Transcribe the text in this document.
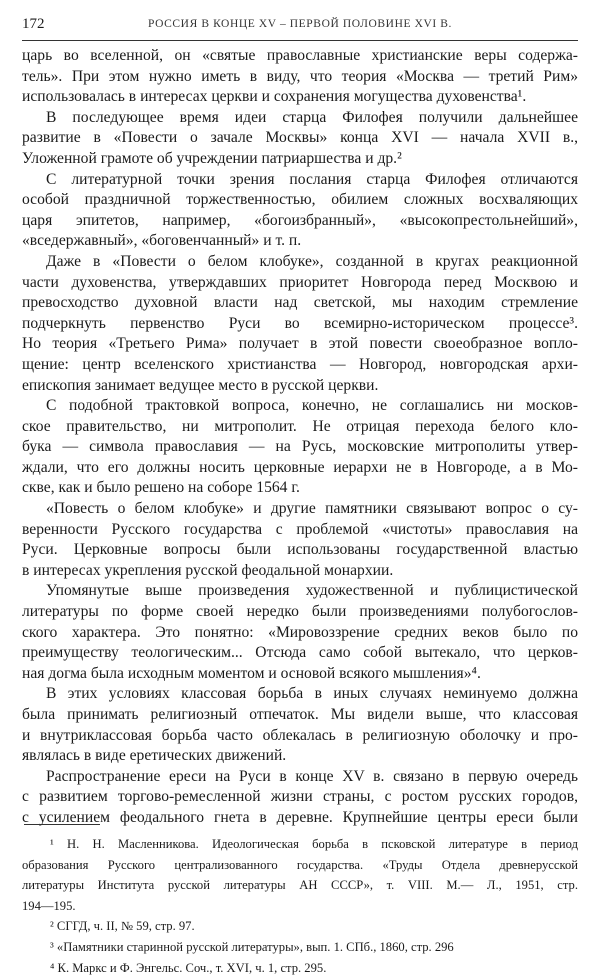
172	РОССИЯ В КОНЦЕ XV – ПЕРВОЙ ПОЛОВИНЕ XVI В.
царь во вселенной, он «святые православные христианские веры содержа-
тель». При этом нужно иметь в виду, что теория «Москва — третий Рим»
использовалась в интересах церкви и сохранения могущества духовенства¹.
В последующее время идеи старца Филофея получили дальнейшее
развитие в «Повести о зачале Москвы» конца XVI — начала XVII в.,
Уложенной грамоте об учреждении патриаршества и др.²
С литературной точки зрения послания старца Филофея отличаются
особой праздничной торжественностью, обилием сложных восхваляющих
царя эпитетов, например, «богоизбранный», «высокопрестольнейший»,
«вседержавный», «боговенчанный» и т. п.
Даже в «Повести о белом клобуке», созданной в кругах реакционной
части духовенства, утверждавших приоритет Новгорода перед Москвою и
превосходство духовной власти над светской, мы находим стремление
подчеркнуть первенство Руси во всемирно-историческом процессе³.
Но теория «Третьего Рима» получает в этой повести своеобразное вопло-
щение: центр вселенского христианства — Новгород, новгородская архи-
епископия занимает ведущее место в русской церкви.
С подобной трактовкой вопроса, конечно, не соглашались ни москов-
ское правительство, ни митрополит. Не отрицая перехода белого кло-
бука — символа православия — на Русь, московские митрополиты утвер-
ждали, что его должны носить церковные иерархи не в Новгороде, а в Мо-
скве, как и было решено на соборе 1564 г.
«Повесть о белом клобуке» и другие памятники связывают вопрос о су-
веренности Русского государства с проблемой «чистоты» православия на
Руси. Церковные вопросы были использованы государственной властью
в интересах укрепления русской феодальной монархии.
Упомянутые выше произведения художественной и публицистической
литературы по форме своей нередко были произведениями полубогослов-
ского характера. Это понятно: «Мировоззрение средних веков было по
преимуществу теологическим... Отсюда само собой вытекало, что церков-
ная догма была исходным моментом и основой всякого мышления»⁴.
В этих условиях классовая борьба в иных случаях неминуемо должна
была принимать религиозный отпечаток. Мы видели выше, что классовая
и внутриклассовая борьба часто облекалась в религиозную оболочку и про-
являлась в виде еретических движений.
Распространение ереси на Руси в конце XV в. связано в первую очередь
с развитием торгово-ремесленной жизни страны, с ростом русских городов,
с усилением феодального гнета в деревне. Крупнейшие центры ереси были
¹ Н. Н. Масленникова. Идеологическая борьба в псковской литературе в период
образования Русского централизованного государства. «Труды Отдела древнерусской
литературы Института русской литературы АН СССР», т. VIII. М.— Л., 1951, стр.
194—195.
² СГГД, ч. II, № 59, стр. 97.
³ «Памятники старинной русской литературы», вып. 1. СПб., 1860, стр. 296
⁴ К. Маркс и Ф. Энгельс. Соч., т. XVI, ч. 1, стр. 295.
